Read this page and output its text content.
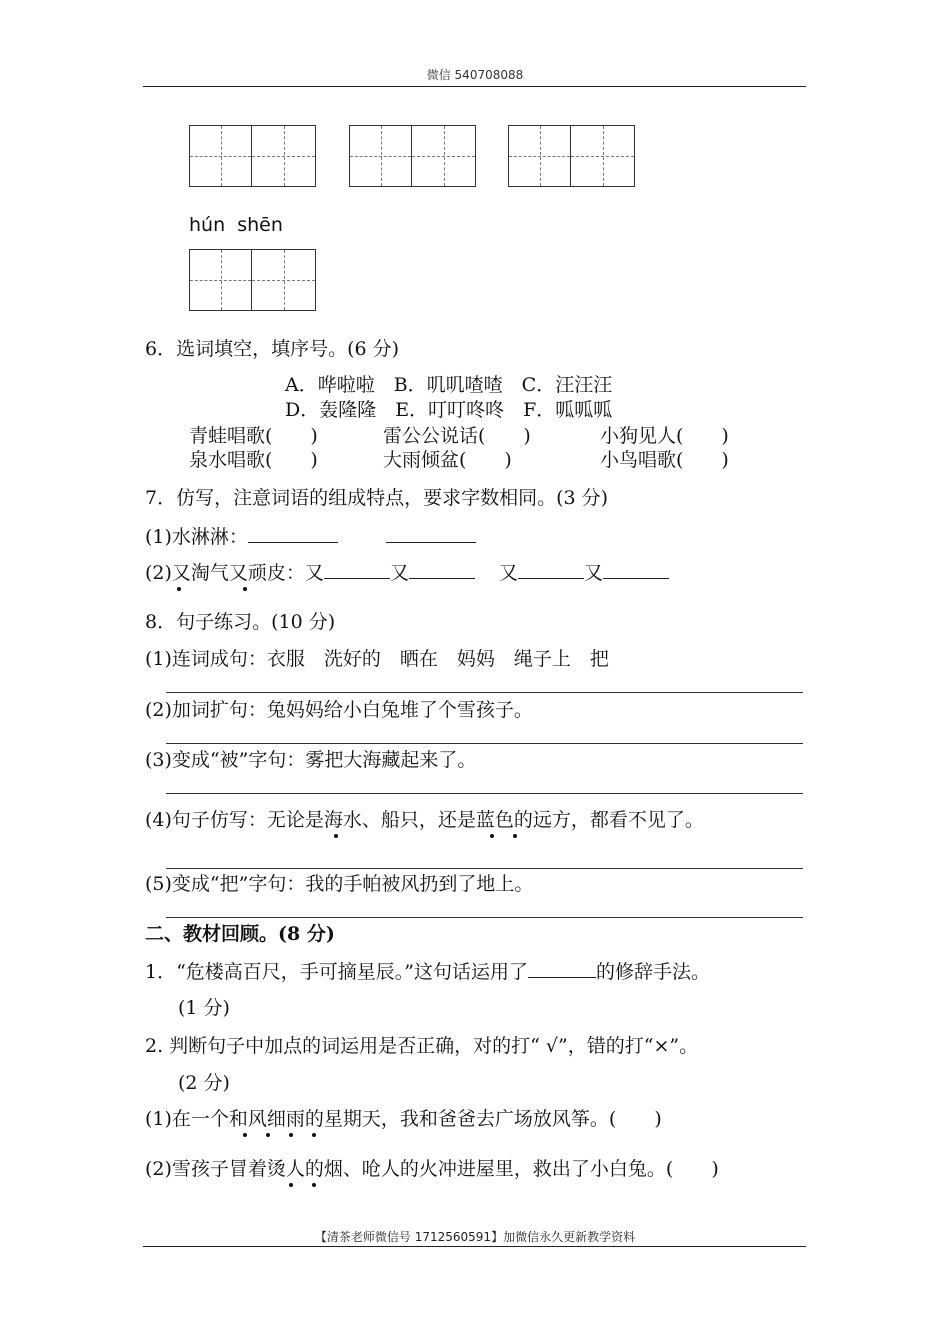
微信 540708088
hún  shēn
6．选词填空，填序号。(6 分)
A．哗啦啦　B．叽叽喳喳　C．汪汪汪
D．轰隆隆　E．叮叮咚咚　F．呱呱呱
青蛙唱歌(　　)	雷公公说话(　　)	小狗见人(　　)
泉水唱歌(　　)	大雨倾盆(　　)	小鸟唱歌(　　)
7．仿写，注意词语的组成特点，要求字数相同。(3 分)
(1)水淋淋：
(2)又淘气又顽皮：又	又	又	又
8．句子练习。(10 分)
(1)连词成句：衣服　洗好的　晒在　妈妈　绳子上　把
(2)加词扩句：兔妈妈给小白兔堆了个雪孩子。
(3)变成“被”字句：雾把大海藏起来了。
(4)句子仿写：无论是海水、船只，还是蓝色的远方，都看不见了。
(5)变成“把”字句：我的手帕被风扔到了地上。
二、教材回顾。(8 分)
1．“危楼高百尺，手可摘星辰。”这句话运用了	的修辞手法。
(1 分)
2. 判断句子中加点的词运用是否正确，对的打“ √”，错的打“×”。
(2 分)
(1)在一个和风细雨的星期天，我和爸爸去广场放风筝。(　　)
(2)雪孩子冒着烫人的烟、呛人的火冲进屋里，救出了小白兔。(　　)
【清茶老师微信号 1712560591】加微信永久更新教学资料
